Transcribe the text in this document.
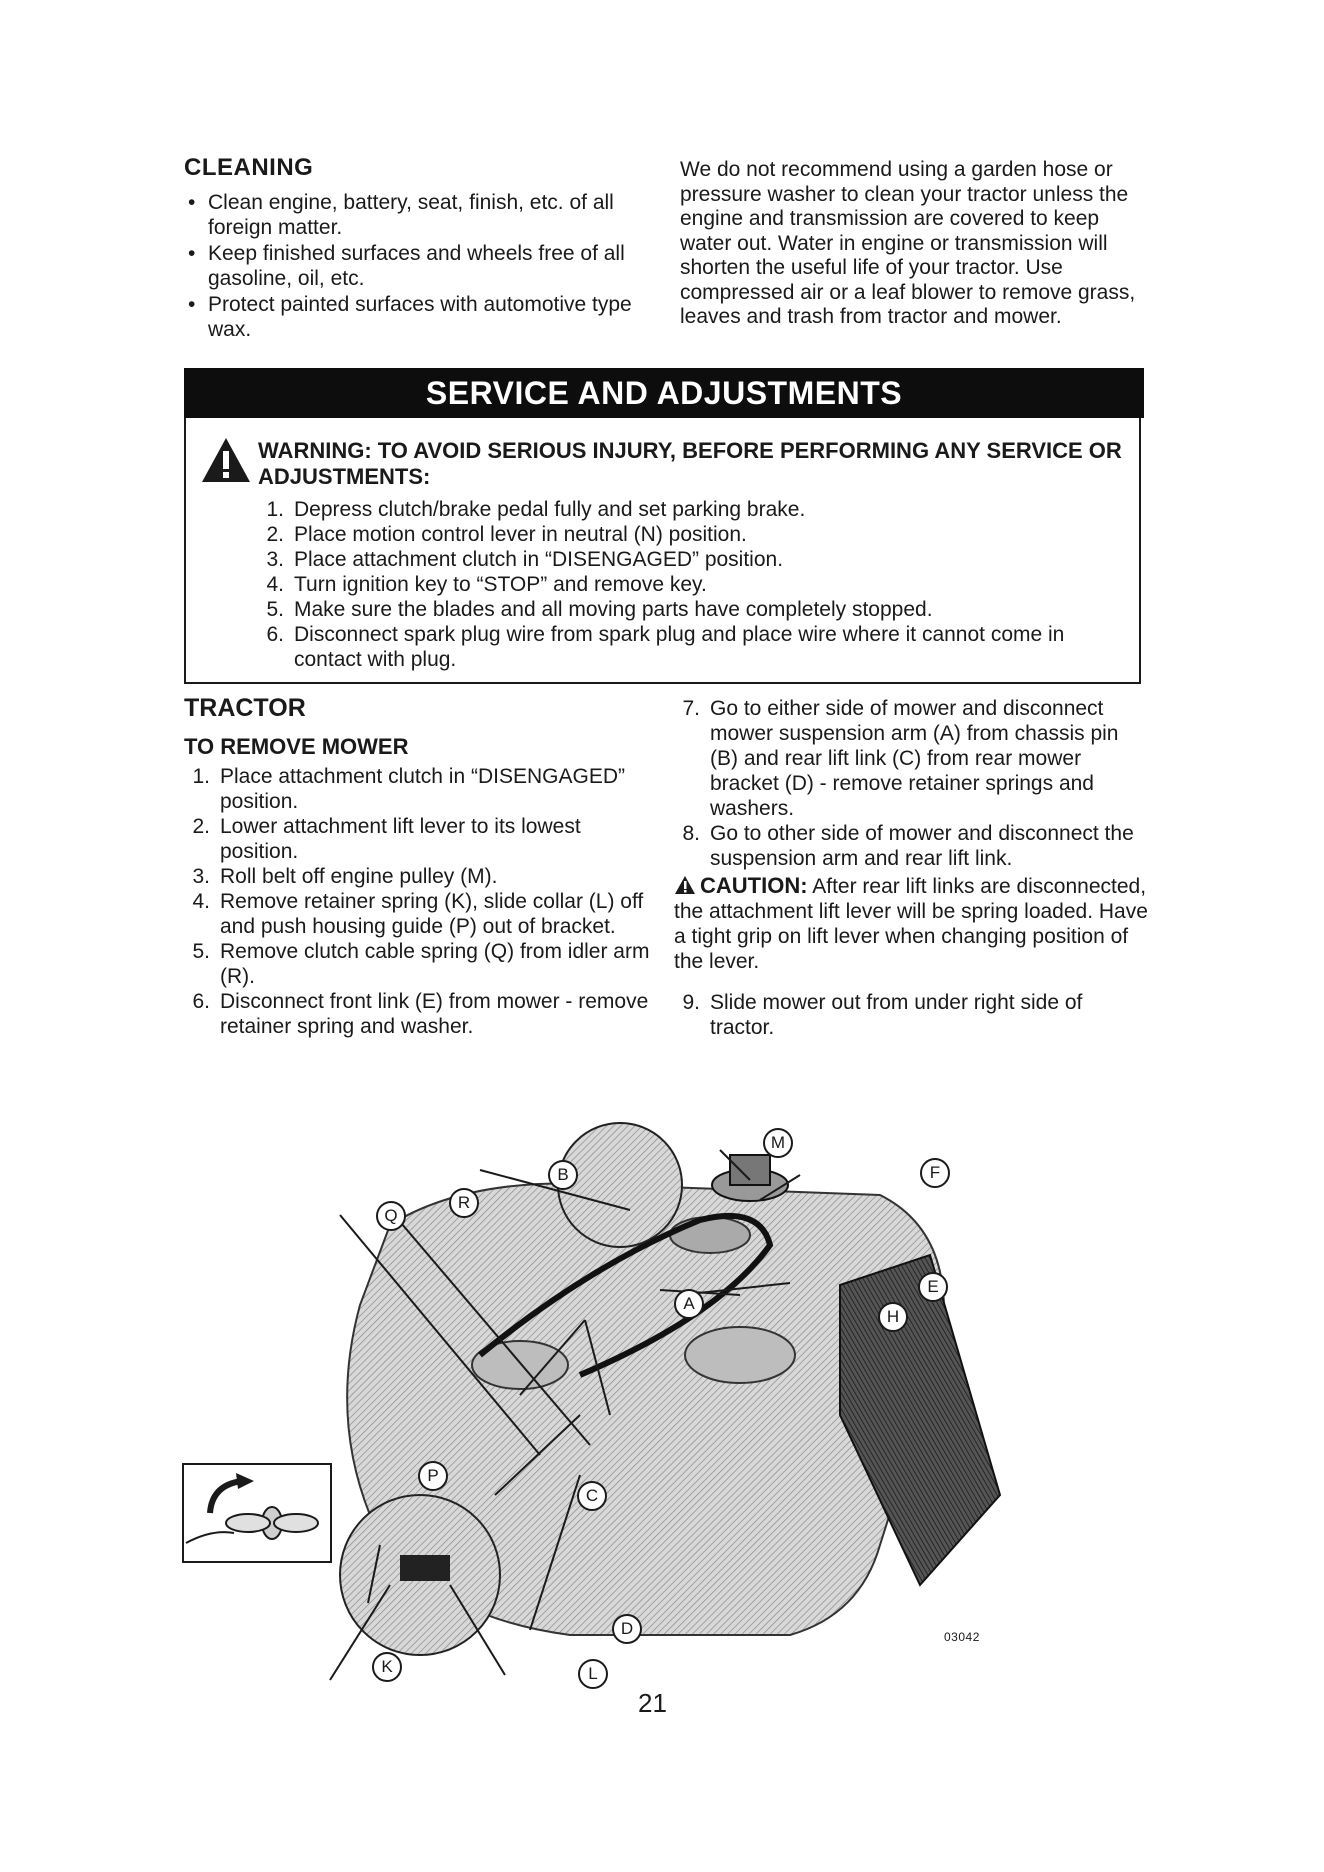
CLEANING
• Clean engine, battery, seat, finish, etc. of all foreign matter.
• Keep finished surfaces and wheels free of all gasoline, oil, etc.
• Protect painted surfaces with automotive type wax.
We do not recommend using a garden hose or pressure washer to clean your tractor unless the engine and transmission are covered to keep water out. Water in engine or transmission will shorten the useful life of your tractor. Use compressed air or a leaf blower to remove grass, leaves and trash from tractor and mower.
SERVICE AND ADJUSTMENTS
WARNING: TO AVOID SERIOUS INJURY, BEFORE PERFORMING ANY SERVICE OR ADJUSTMENTS:
1. Depress clutch/brake pedal fully and set parking brake.
2. Place motion control lever in neutral (N) position.
3. Place attachment clutch in “DISENGAGED” position.
4. Turn ignition key to “STOP” and remove key.
5. Make sure the blades and all moving parts have completely stopped.
6. Disconnect spark plug wire from spark plug and place wire where it cannot come in contact with plug.
TRACTOR
TO REMOVE MOWER
1. Place attachment clutch in “DISENGAGED” position.
2. Lower attachment lift lever to its lowest position.
3. Roll belt off engine pulley (M).
4. Remove retainer spring (K), slide collar (L) off and push housing guide (P) out of bracket.
5. Remove clutch cable spring (Q) from idler arm (R).
6. Disconnect front link (E) from mower - remove retainer spring and washer.
7. Go to either side of mower and disconnect mower suspension arm (A) from chassis pin (B) and rear lift link (C) from rear mower bracket (D) - remove retainer springs and washers.
8. Go to other side of mower and disconnect the suspension arm and rear lift link.
CAUTION: After rear lift links are disconnected, the attachment lift lever will be spring loaded. Have a tight grip on lift lever when changing position of the lever.
9. Slide mower out from under right side of tractor.
M
B	F
Q
R
E
A
H
P
C
D
K	L
03042
21
